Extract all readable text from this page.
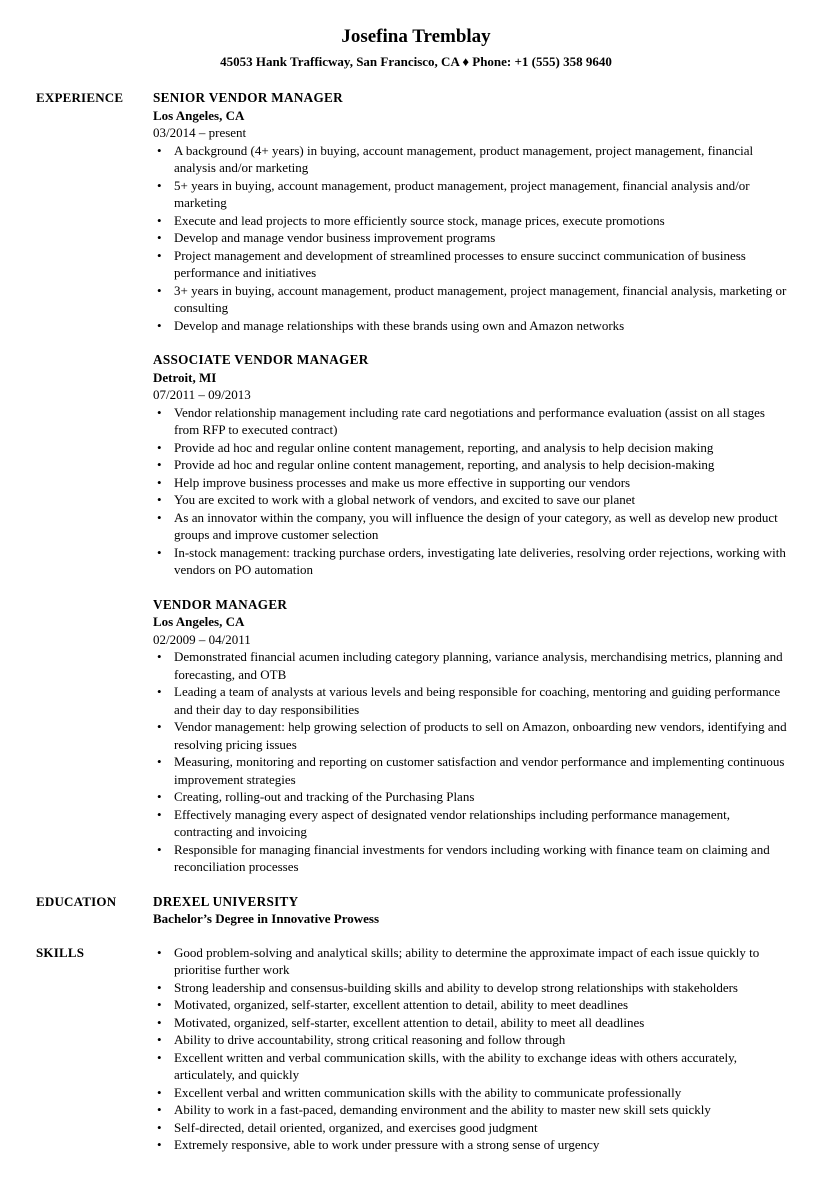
Josefina Tremblay
45053 Hank Trafficway, San Francisco, CA ♦ Phone: +1 (555) 358 9640
EXPERIENCE SENIOR VENDOR MANAGER
Los Angeles, CA
03/2014 – present
• A background (4+ years) in buying, account management, product management, project management, financial analysis and/or marketing
• 5+ years in buying, account management, product management, project management, financial analysis and/or marketing
• Execute and lead projects to more efficiently source stock, manage prices, execute promotions
• Develop and manage vendor business improvement programs
• Project management and development of streamlined processes to ensure succinct communication of business performance and initiatives
• 3+ years in buying, account management, product management, project management, financial analysis, marketing or consulting
• Develop and manage relationships with these brands using own and Amazon networks
ASSOCIATE VENDOR MANAGER
Detroit, MI
07/2011 – 09/2013
• Vendor relationship management including rate card negotiations and performance evaluation (assist on all stages from RFP to executed contract)
• Provide ad hoc and regular online content management, reporting, and analysis to help decision making
• Provide ad hoc and regular online content management, reporting, and analysis to help decision-making
• Help improve business processes and make us more effective in supporting our vendors
• You are excited to work with a global network of vendors, and excited to save our planet
• As an innovator within the company, you will influence the design of your category, as well as develop new product groups and improve customer selection
• In-stock management: tracking purchase orders, investigating late deliveries, resolving order rejections, working with vendors on PO automation
VENDOR MANAGER
Los Angeles, CA
02/2009 – 04/2011
• Demonstrated financial acumen including category planning, variance analysis, merchandising metrics, planning and forecasting, and OTB
• Leading a team of analysts at various levels and being responsible for coaching, mentoring and guiding performance and their day to day responsibilities
• Vendor management: help growing selection of products to sell on Amazon, onboarding new vendors, identifying and resolving pricing issues
• Measuring, monitoring and reporting on customer satisfaction and vendor performance and implementing continuous improvement strategies
• Creating, rolling-out and tracking of the Purchasing Plans
• Effectively managing every aspect of designated vendor relationships including performance management, contracting and invoicing
• Responsible for managing financial investments for vendors including working with finance team on claiming and reconciliation processes
EDUCATION	DREXEL UNIVERSITY
Bachelor’s Degree in Innovative Prowess
SKILLS
•	Good problem-solving and analytical skills; ability to determine the approximate impact of each issue quickly to prioritise further work
• Strong leadership and consensus-building skills and ability to develop strong relationships with stakeholders
• Motivated, organized, self-starter, excellent attention to detail, ability to meet deadlines
• Motivated, organized, self-starter, excellent attention to detail, ability to meet all deadlines
• Ability to drive accountability, strong critical reasoning and follow through
• Excellent written and verbal communication skills, with the ability to exchange ideas with others accurately, articulately, and quickly
• Excellent verbal and written communication skills with the ability to communicate professionally
• Ability to work in a fast-paced, demanding environment and the ability to master new skill sets quickly
• Self-directed, detail oriented, organized, and exercises good judgment
• Extremely responsive, able to work under pressure with a strong sense of urgency
